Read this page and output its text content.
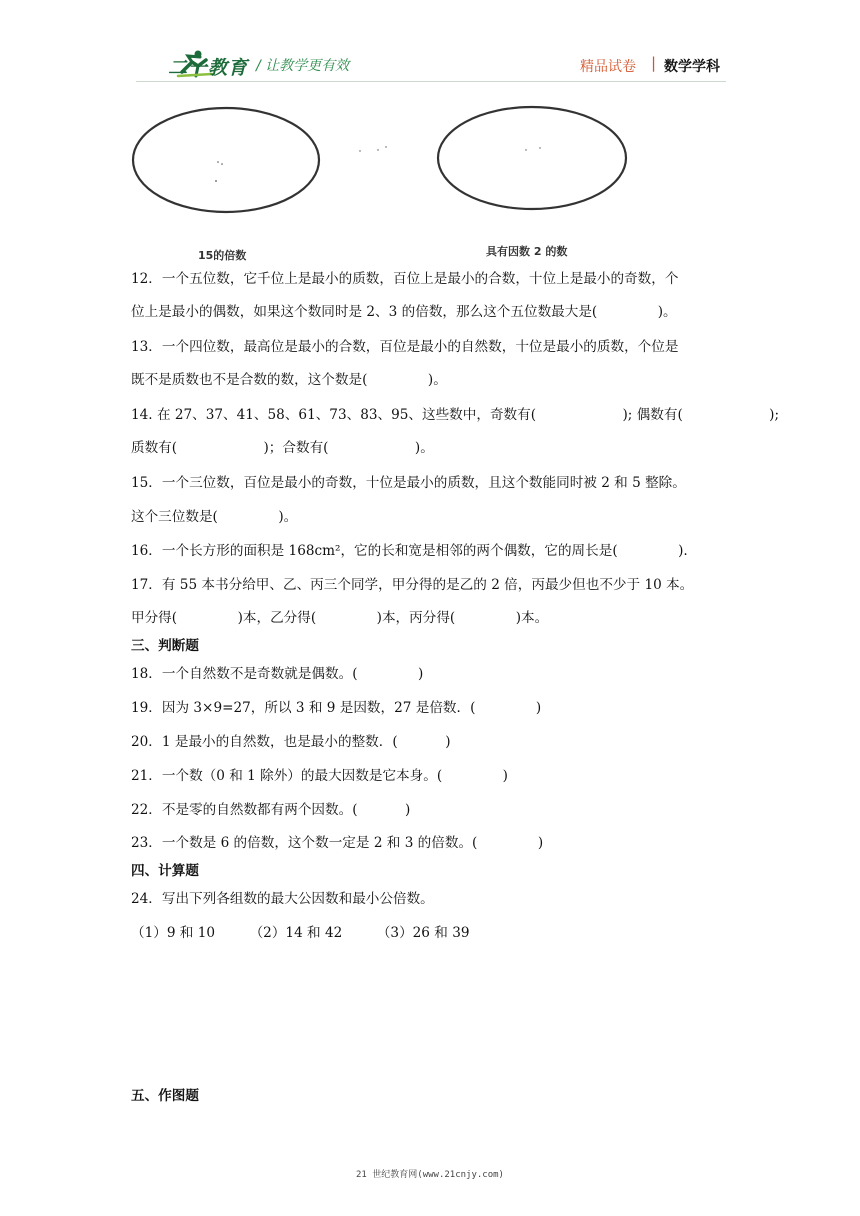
二一教育 / 让教学更有效	精品试卷 | 数学学科
15的倍数	具有因数 2 的数
12．一个五位数，它千位上是最小的质数，百位上是最小的合数，十位上是最小的奇数，个
位上是最小的偶数，如果这个数同时是 2、3 的倍数，那么这个五位数最大是(              )。
13．一个四位数，最高位是最小的合数，百位是最小的自然数，十位是最小的质数，个位是
既不是质数也不是合数的数，这个数是(              )。
14. 在 27、37、41、58、61、73、83、95、这些数中，奇数有(                    ); 偶数有(                    );
质数有(                    )；合数有(                    )。
15．一个三位数，百位是最小的奇数，十位是最小的质数，且这个数能同时被 2 和 5 整除。
这个三位数是(              )。
16．一个长方形的面积是 168cm²，它的长和宽是相邻的两个偶数，它的周长是(              ).
17．有 55 本书分给甲、乙、丙三个同学，甲分得的是乙的 2 倍，丙最少但也不少于 10 本。
甲分得(              )本，乙分得(              )本，丙分得(              )本。
三、判断题
18．一个自然数不是奇数就是偶数。(              )
19．因为 3×9=27，所以 3 和 9 是因数，27 是倍数．(              )
20．1 是最小的自然数，也是最小的整数．(           )
21．一个数（0 和 1 除外）的最大因数是它本身。(              )
22．不是零的自然数都有两个因数。(           )
23．一个数是 6 的倍数，这个数一定是 2 和 3 的倍数。(              )
四、计算题
24．写出下列各组数的最大公因数和最小公倍数。
（1）9 和 10        （2）14 和 42        （3）26 和 39
五、作图题
21 世纪教育网(www.21cnjy.com)
